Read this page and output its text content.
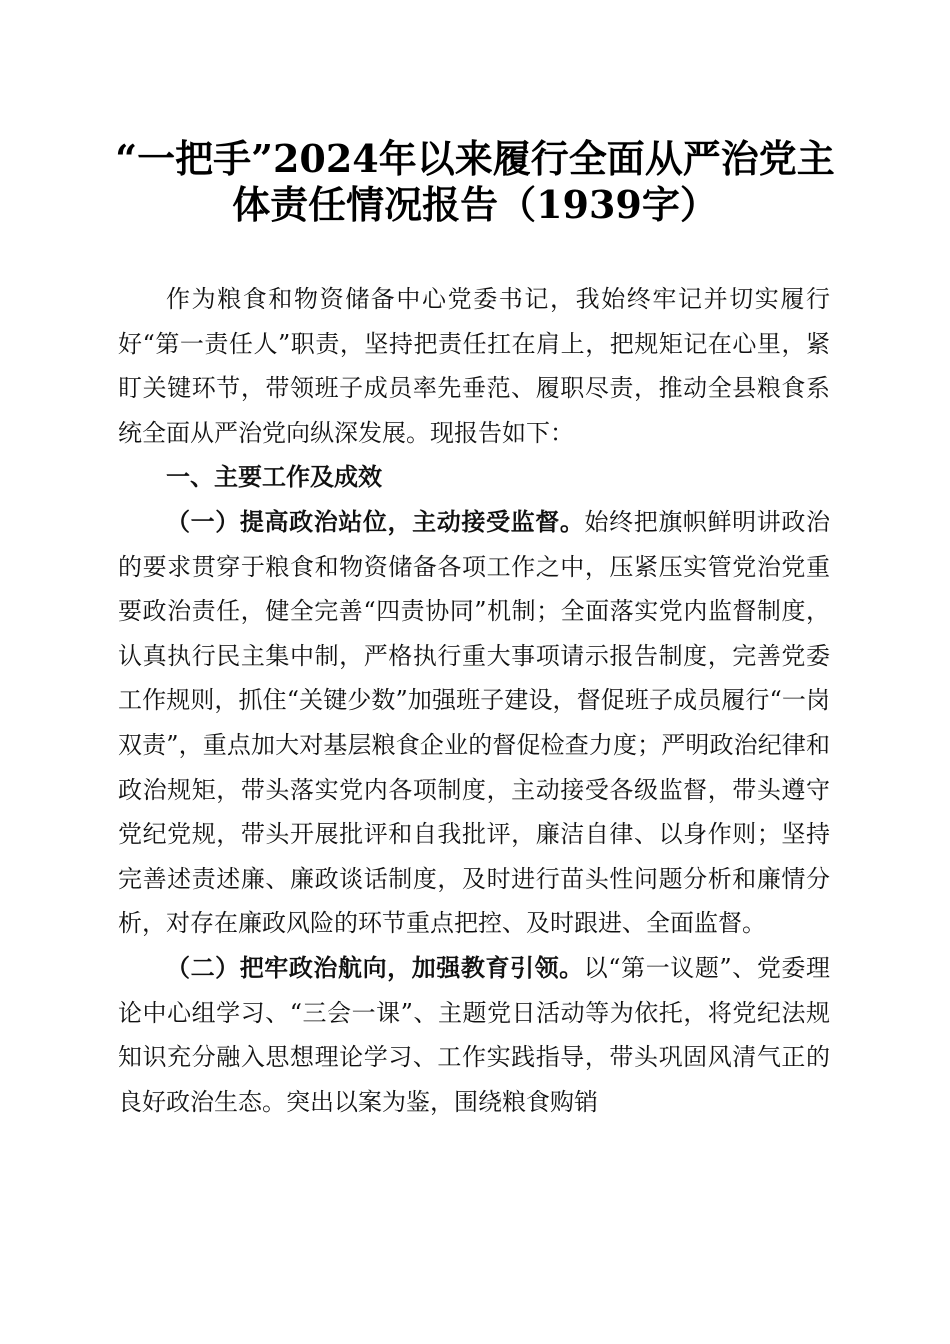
“一把手”2024年以来履行全面从严治党主
体责任情况报告（1939字）

作为粮食和物资储备中心党委书记，我始终牢记并切实履行好“第一责任人”职责，坚持把责任扛在肩上，把规矩记在心里，紧盯关键环节，带领班子成员率先垂范、履职尽责，推动全县粮食系统全面从严治党向纵深发展。现报告如下：

一、主要工作及成效

（一）提高政治站位，主动接受监督。始终把旗帜鲜明讲政治的要求贯穿于粮食和物资储备各项工作之中，压紧压实管党治党重要政治责任，健全完善“四责协同”机制；全面落实党内监督制度，认真执行民主集中制，严格执行重大事项请示报告制度，完善党委工作规则，抓住“关键少数”加强班子建设，督促班子成员履行“一岗双责”，重点加大对基层粮食企业的督促检查力度；严明政治纪律和政治规矩，带头落实党内各项制度，主动接受各级监督，带头遵守党纪党规，带头开展批评和自我批评，廉洁自律、以身作则；坚持完善述责述廉、廉政谈话制度，及时进行苗头性问题分析和廉情分析，对存在廉政风险的环节重点把控、及时跟进、全面监督。

（二）把牢政治航向，加强教育引领。以“第一议题”、党委理论中心组学习、“三会一课”、主题党日活动等为依托，将党纪法规知识充分融入思想理论学习、工作实践指导，带头巩固风清气正的良好政治生态。突出以案为鉴，围绕粮食购销
